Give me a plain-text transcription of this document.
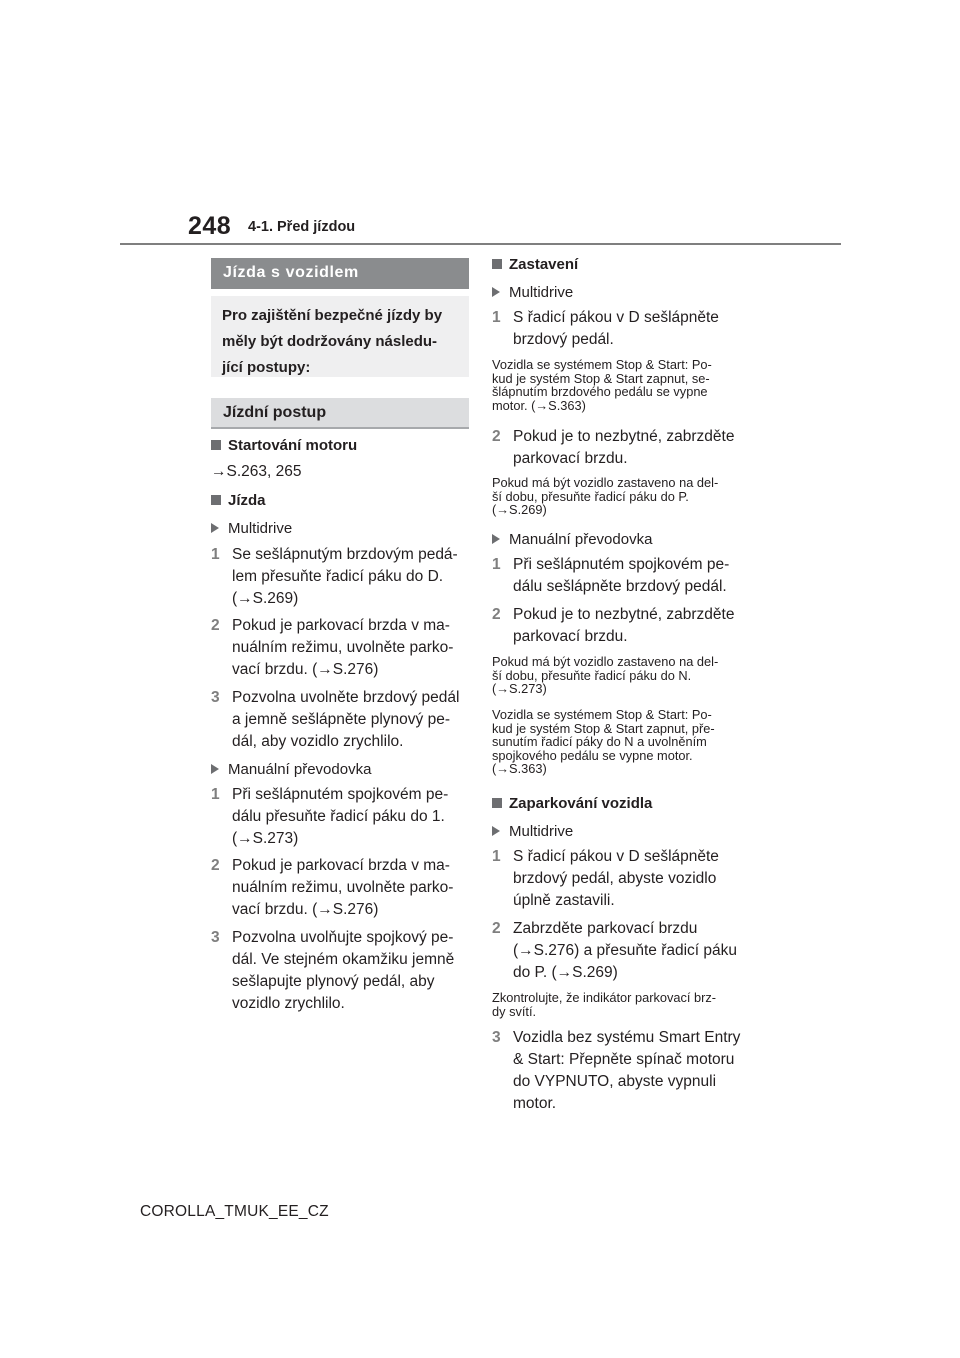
248 4-1. Před jízdou
Jízda s vozidlem
Pro zajištění bezpečné jízdy by
měly být dodržovány následu-
jící postupy:
Jízdní postup
Startování motoru
→S.263, 265
Jízda
Multidrive
1 Se sešlápnutým brzdovým pedá-
lem přesuňte řadicí páku do D.
(→S.269)
2 Pokud je parkovací brzda v ma-
nuálním režimu, uvolněte parko-
vací brzdu. (→S.276)
3 Pozvolna uvolněte brzdový pedál
a jemně sešlápněte plynový pe-
dál, aby vozidlo zrychlilo.
Manuální převodovka
1 Při sešlápnutém spojkovém pe-
dálu přesuňte řadicí páku do 1.
(→S.273)
2 Pokud je parkovací brzda v ma-
nuálním režimu, uvolněte parko-
vací brzdu. (→S.276)
3 Pozvolna uvolňujte spojkový pe-
dál. Ve stejném okamžiku jemně
sešlapujte plynový pedál, aby
vozidlo zrychlilo.
Zastavení
Multidrive
1 S řadicí pákou v D sešlápněte
brzdový pedál.
Vozidla se systémem Stop & Start: Po-
kud je systém Stop & Start zapnut, se-
šlápnutím brzdového pedálu se vypne
motor. (→S.363)
2 Pokud je to nezbytné, zabrzděte
parkovací brzdu.
Pokud má být vozidlo zastaveno na del-
ší dobu, přesuňte řadicí páku do P.
(→S.269)
Manuální převodovka
1 Při sešlápnutém spojkovém pe-
dálu sešlápněte brzdový pedál.
2 Pokud je to nezbytné, zabrzděte
parkovací brzdu.
Pokud má být vozidlo zastaveno na del-
ší dobu, přesuňte řadicí páku do N.
(→S.273)
Vozidla se systémem Stop & Start: Po-
kud je systém Stop & Start zapnut, pře-
sunutím řadicí páky do N a uvolněním
spojkového pedálu se vypne motor.
(→S.363)
Zaparkování vozidla
Multidrive
1 S řadicí pákou v D sešlápněte
brzdový pedál, abyste vozidlo
úplně zastavili.
2 Zabrzděte parkovací brzdu
(→S.276) a přesuňte řadicí páku
do P. (→S.269)
Zkontrolujte, že indikátor parkovací brz-
dy svítí.
3 Vozidla bez systému Smart Entry
& Start: Přepněte spínač motoru
do VYPNUTO, abyste vypnuli
motor.
COROLLA_TMUK_EE_CZ
